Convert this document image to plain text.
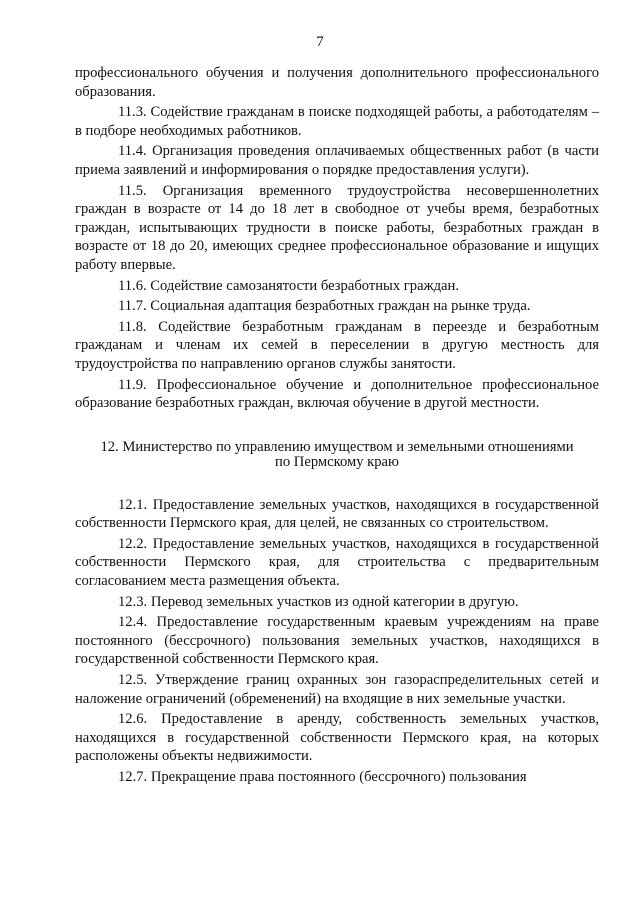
7

профессионального обучения и получения дополнительного профессионального образования.

11.3. Содействие гражданам в поиске подходящей работы, а работодателям – в подборе необходимых работников.

11.4. Организация проведения оплачиваемых общественных работ (в части приема заявлений и информирования о порядке предоставления услуги).

11.5. Организация временного трудоустройства несовершеннолетних граждан в возрасте от 14 до 18 лет в свободное от учебы время, безработных граждан, испытывающих трудности в поиске работы, безработных граждан в возрасте от 18 до 20, имеющих среднее профессиональное образование и ищущих работу впервые.

11.6. Содействие самозанятости безработных граждан.

11.7. Социальная адаптация безработных граждан на рынке труда.

11.8. Содействие безработным гражданам в переезде и безработным гражданам и членам их семей в переселении в другую местность для трудоустройства по направлению органов службы занятости.

11.9. Профессиональное обучение и дополнительное профессиональное образование безработных граждан, включая обучение в другой местности.

12. Министерство по управлению имуществом и земельными отношениями
по Пермскому краю

12.1. Предоставление земельных участков, находящихся в государственной собственности Пермского края, для целей, не связанных со строительством.

12.2. Предоставление земельных участков, находящихся в государственной собственности Пермского края, для строительства с предварительным согласованием места размещения объекта.

12.3. Перевод земельных участков из одной категории в другую.

12.4. Предоставление государственным краевым учреждениям на праве постоянного (бессрочного) пользования земельных участков, находящихся в государственной собственности Пермского края.

12.5. Утверждение границ охранных зон газораспределительных сетей и наложение ограничений (обременений) на входящие в них земельные участки.

12.6. Предоставление в аренду, собственность земельных участков, находящихся в государственной собственности Пермского края, на которых расположены объекты недвижимости.

12.7. Прекращение права постоянного (бессрочного) пользования
